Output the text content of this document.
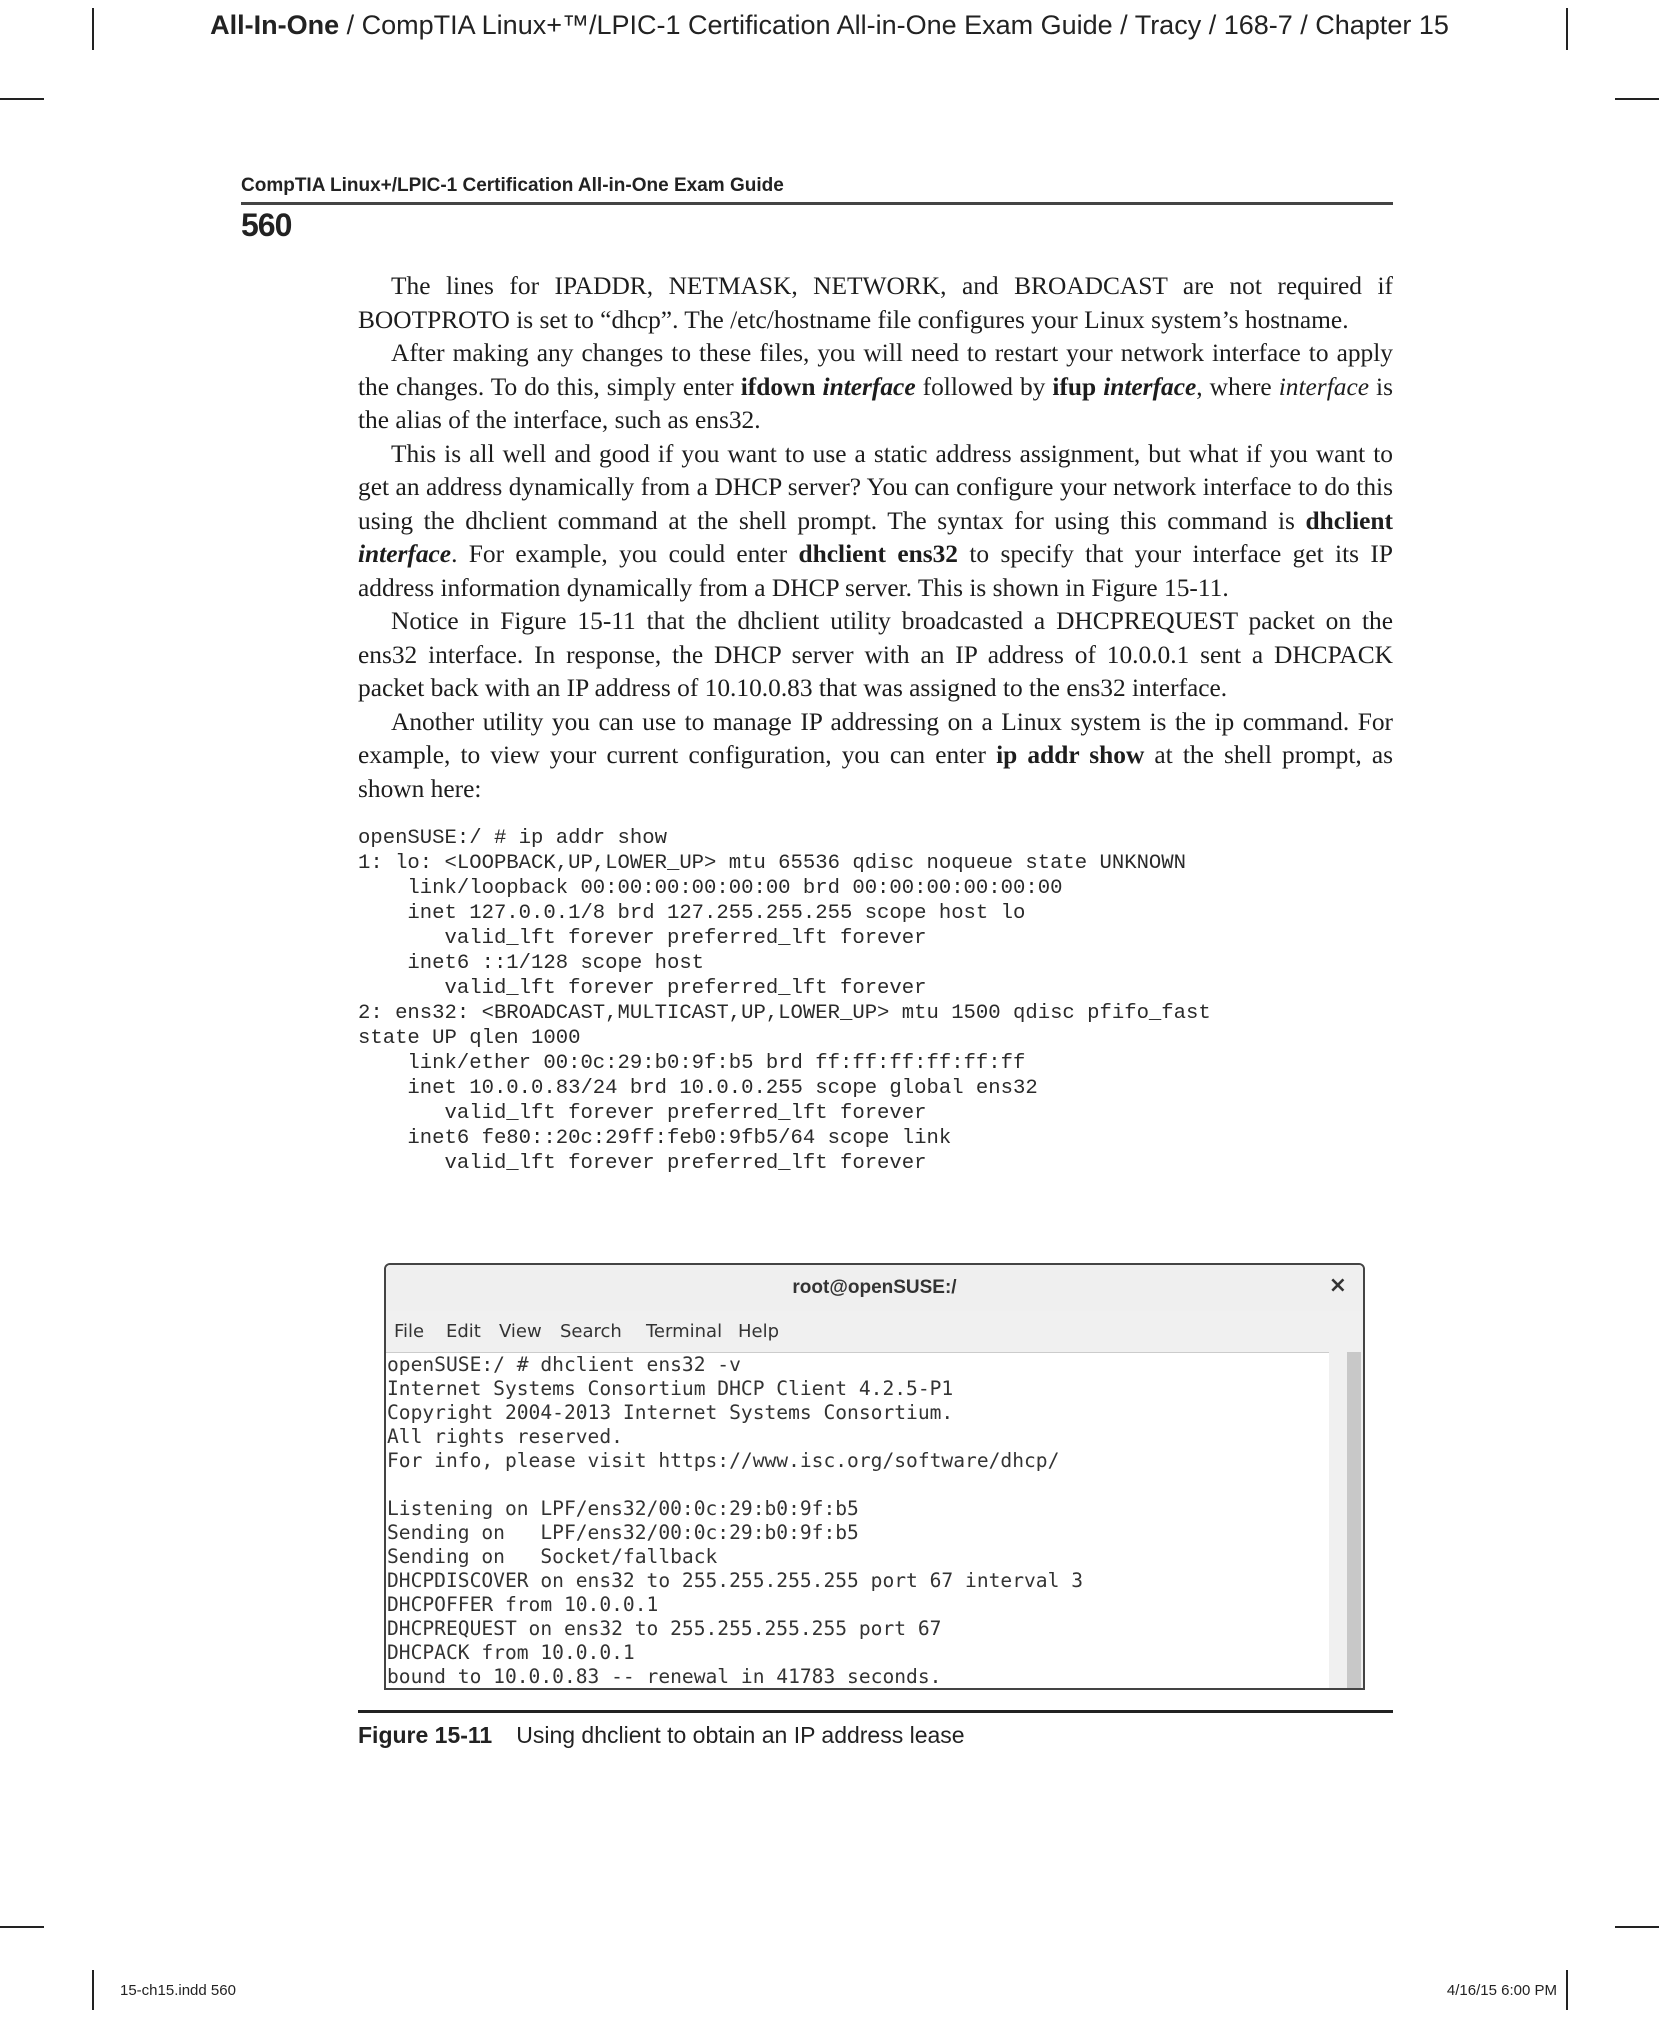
All-In-One / CompTIA Linux+™/LPIC-1 Certification All-in-One Exam Guide / Tracy / 168-7 / Chapter 15
CompTIA Linux+/LPIC-1 Certification All-in-One Exam Guide
560

The lines for IPADDR, NETMASK, NETWORK, and BROADCAST are not required if BOOTPROTO is set to “dhcp”. The /etc/hostname file configures your Linux system’s hostname.

After making any changes to these files, you will need to restart your network interface to apply the changes. To do this, simply enter ifdown interface followed by ifup interface, where interface is the alias of the interface, such as ens32.

This is all well and good if you want to use a static address assignment, but what if you want to get an address dynamically from a DHCP server? You can configure your network interface to do this using the dhclient command at the shell prompt. The syntax for using this command is dhclient interface. For example, you could enter dhclient ens32 to specify that your interface get its IP address information dynamically from a DHCP server. This is shown in Figure 15-11.

Notice in Figure 15-11 that the dhclient utility broadcasted a DHCPREQUEST packet on the ens32 interface. In response, the DHCP server with an IP address of 10.0.0.1 sent a DHCPACK packet back with an IP address of 10.10.0.83 that was assigned to the ens32 interface.

Another utility you can use to manage IP addressing on a Linux system is the ip command. For example, to view your current configuration, you can enter ip addr show at the shell prompt, as shown here:

openSUSE:/ # ip addr show
1: lo: <LOOPBACK,UP,LOWER_UP> mtu 65536 qdisc noqueue state UNKNOWN
link/loopback 00:00:00:00:00:00 brd 00:00:00:00:00:00
inet 127.0.0.1/8 brd 127.255.255.255 scope host lo
valid_lft forever preferred_lft forever
inet6 ::1/128 scope host
valid_lft forever preferred_lft forever
2: ens32: <BROADCAST,MULTICAST,UP,LOWER_UP> mtu 1500 qdisc pfifo_fast
state UP qlen 1000
link/ether 00:0c:29:b0:9f:b5 brd ff:ff:ff:ff:ff:ff
inet 10.0.0.83/24 brd 10.0.0.255 scope global ens32
valid_lft forever preferred_lft forever
inet6 fe80::20c:29ff:feb0:9fb5/64 scope link
valid_lft forever preferred_lft forever
root@openSUSE:/	×
File Edit View Search Terminal Help
openSUSE:/ # dhclient ens32 -v
Internet Systems Consortium DHCP Client 4.2.5-P1
Copyright 2004-2013 Internet Systems Consortium.
All rights reserved.
For info, please visit https://www.isc.org/software/dhcp/

Listening on LPF/ens32/00:0c:29:b0:9f:b5
Sending on   LPF/ens32/00:0c:29:b0:9f:b5
Sending on   Socket/fallback
DHCPDISCOVER on ens32 to 255.255.255.255 port 67 interval 3
DHCPOFFER from 10.0.0.1
DHCPREQUEST on ens32 to 255.255.255.255 port 67
DHCPACK from 10.0.0.1
bound to 10.0.0.83 -- renewal in 41783 seconds.
Figure 15-11 Using dhclient to obtain an IP address lease
15-ch15.indd 560	4/16/15 6:00 PM
